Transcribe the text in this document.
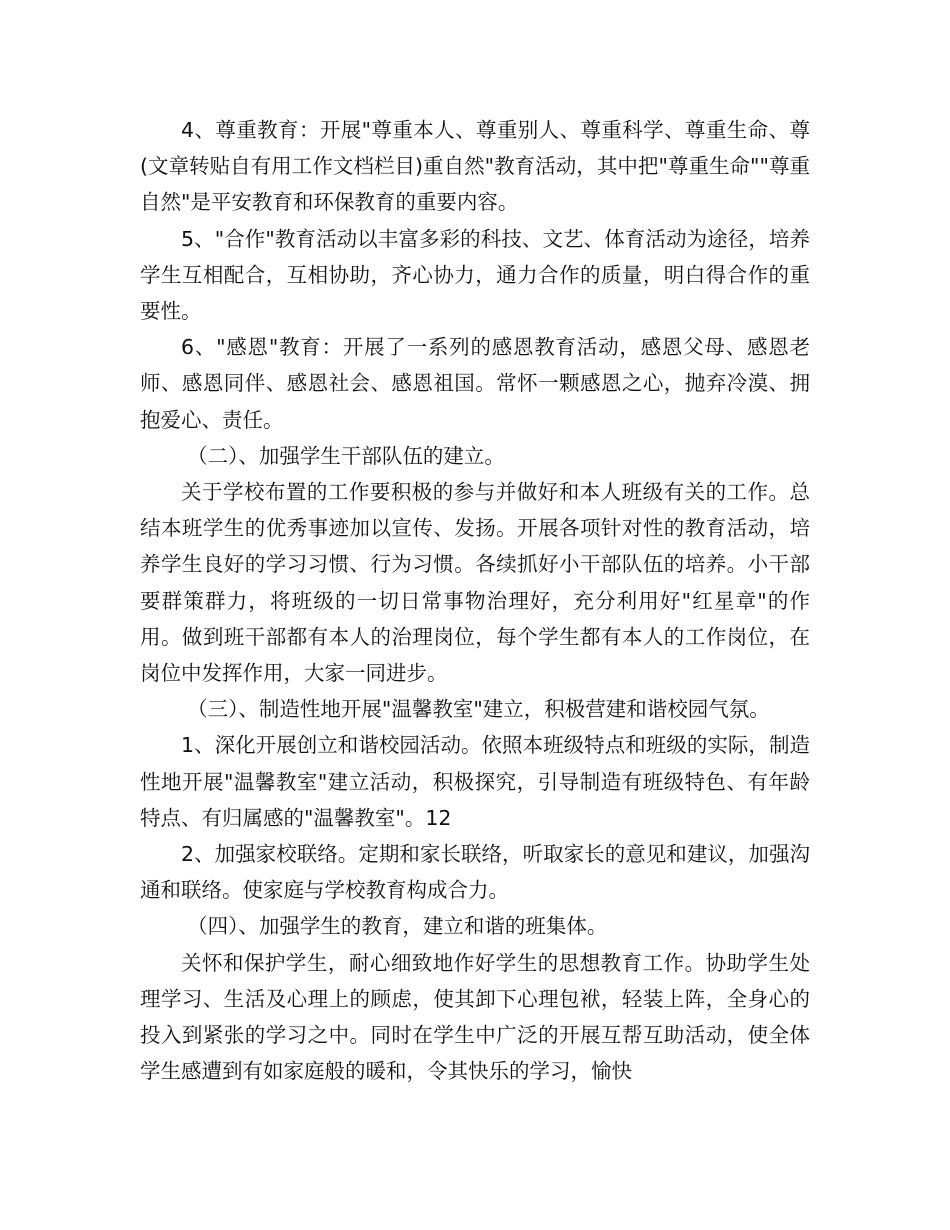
4、尊重教育：开展"尊重本人、尊重别人、尊重科学、尊重生命、尊(文章转贴自有用工作文档栏目)重自然"教育活动，其中把"尊重生命""尊重自然"是平安教育和环保教育的重要内容。

5、"合作"教育活动以丰富多彩的科技、文艺、体育活动为途径，培养学生互相配合，互相协助，齐心协力，通力合作的质量，明白得合作的重要性。

6、"感恩"教育：开展了一系列的感恩教育活动，感恩父母、感恩老师、感恩同伴、感恩社会、感恩祖国。常怀一颗感恩之心，抛弃冷漠、拥抱爱心、责任。

（二）、加强学生干部队伍的建立。

关于学校布置的工作要积极的参与并做好和本人班级有关的工作。总结本班学生的优秀事迹加以宣传、发扬。开展各项针对性的教育活动，培养学生良好的学习习惯、行为习惯。各续抓好小干部队伍的培养。小干部要群策群力，将班级的一切日常事物治理好，充分利用好"红星章"的作用。做到班干部都有本人的治理岗位，每个学生都有本人的工作岗位，在岗位中发挥作用，大家一同进步。

（三）、制造性地开展"温馨教室"建立，积极营建和谐校园气氛。

1、深化开展创立和谐校园活动。依照本班级特点和班级的实际，制造性地开展"温馨教室"建立活动，积极探究，引导制造有班级特色、有年龄特点、有归属感的"温馨教室"。12

2、加强家校联络。定期和家长联络，听取家长的意见和建议，加强沟通和联络。使家庭与学校教育构成合力。

（四）、加强学生的教育，建立和谐的班集体。

关怀和保护学生，耐心细致地作好学生的思想教育工作。协助学生处理学习、生活及心理上的顾虑，使其卸下心理包袱，轻装上阵，全身心的投入到紧张的学习之中。同时在学生中广泛的开展互帮互助活动，使全体学生感遭到有如家庭般的暖和，令其快乐的学习，愉快
